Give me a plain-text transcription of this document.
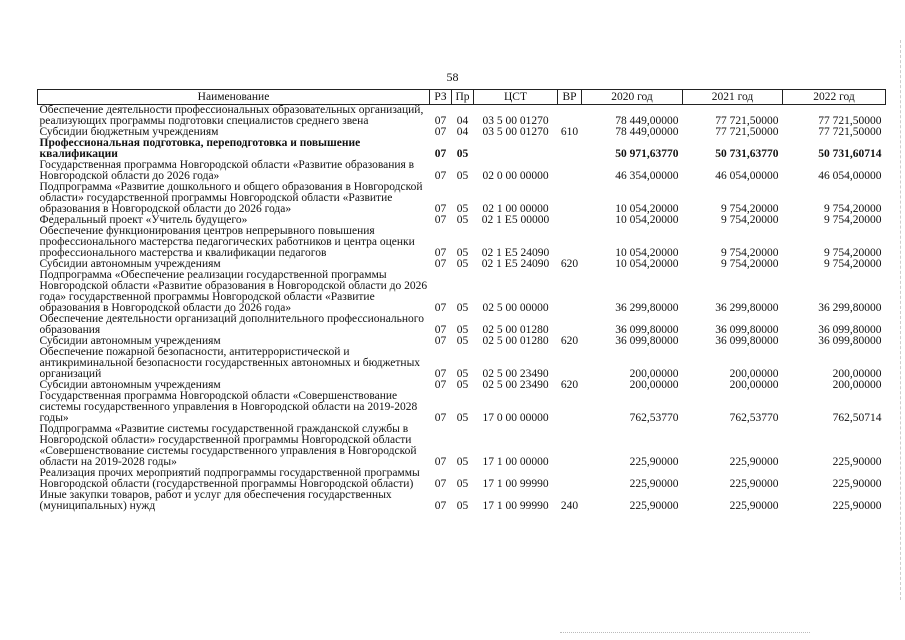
58
Наименование	РЗ	Пр	ЦСТ	ВР	2020 год	2021 год	2022 год
Обеспечение деятельности профессиональных образовательных организаций, реализующих программы подготовки специалистов среднего звена	07	04	03 5 00 01270		78 449,00000	77 721,50000	77 721,50000
Субсидии бюджетным учреждениям	07	04	03 5 00 01270	610	78 449,00000	77 721,50000	77 721,50000
Профессиональная подготовка, переподготовка и повышение квалификации	07	05			50 971,63770	50 731,63770	50 731,60714
Государственная программа Новгородской области «Развитие образования в Новгородской области до 2026 года»	07	05	02 0 00 00000		46 354,00000	46 054,00000	46 054,00000
Подпрограмма «Развитие дошкольного и общего образования в Новгородской области» государственной программы Новгородской области «Развитие образования в Новгородской области до 2026 года»	07	05	02 1 00 00000		10 054,20000	9 754,20000	9 754,20000
Федеральный проект «Учитель будущего»	07	05	02 1 Е5 00000		10 054,20000	9 754,20000	9 754,20000
Обеспечение функционирования центров непрерывного повышения профессионального мастерства педагогических работников и центра оценки профессионального мастерства и квалификации педагогов	07	05	02 1 Е5 24090		10 054,20000	9 754,20000	9 754,20000
Субсидии автономным учреждениям	07	05	02 1 Е5 24090	620	10 054,20000	9 754,20000	9 754,20000
Подпрограмма «Обеспечение реализации государственной программы Новгородской области «Развитие образования в Новгородской области до 2026 года» государственной программы Новгородской области «Развитие образования в Новгородской области до 2026 года»	07	05	02 5 00 00000		36 299,80000	36 299,80000	36 299,80000
Обеспечение деятельности организаций дополнительного профессионального образования	07	05	02 5 00 01280		36 099,80000	36 099,80000	36 099,80000
Субсидии автономным учреждениям	07	05	02 5 00 01280	620	36 099,80000	36 099,80000	36 099,80000
Обеспечение пожарной безопасности, антитеррористической и антикриминальной безопасности государственных автономных и бюджетных организаций	07	05	02 5 00 23490		200,00000	200,00000	200,00000
Субсидии автономным учреждениям	07	05	02 5 00 23490	620	200,00000	200,00000	200,00000
Государственная программа Новгородской области «Совершенствование системы государственного управления в Новгородской области на 2019-2028 годы»	07	05	17 0 00 00000		762,53770	762,53770	762,50714
Подпрограмма «Развитие системы государственной гражданской службы в Новгородской области» государственной программы Новгородской области «Совершенствование системы государственного управления в Новгородской области на 2019-2028 годы»	07	05	17 1 00 00000		225,90000	225,90000	225,90000
Реализация прочих мероприятий подпрограммы государственной программы Новгородской области (государственной программы Новгородской области)	07	05	17 1 00 99990		225,90000	225,90000	225,90000
Иные закупки товаров, работ и услуг для обеспечения государственных (муниципальных) нужд	07	05	17 1 00 99990	240	225,90000	225,90000	225,90000
